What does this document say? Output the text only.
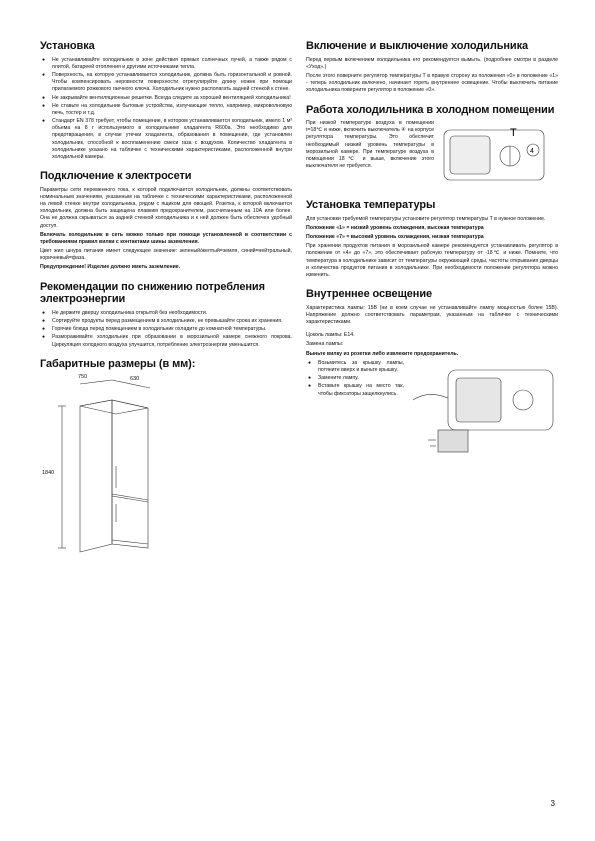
Установка
● Не устанавливайте холодильник в зоне действия прямых солнечных лучей, а также рядом с плитой, батареей отопления и другими источниками тепла.
● Поверхность, на которую устанавливается холодильник, должна быть горизонтальной и ровной. Чтобы компенсировать неровности поверхности отрегулируйте длину ножек при помощи прилагаемого рожкового гаечного ключа. Холодильник нужно располагать задней стенкой к стене.
● Не закрывайте вентиляционные решетки. Всегда следите за хорошей вентиляцией холодильника!
● Не ставьте на холодильник бытовые устройства, излучающие тепло, например, микроволновую печь, тостер и т.д.
● Стандарт EN 378 требует, чтобы помещение, в котором устанавливается холодильник, имело 1 м³ объема на 8 г используемого в холодильнике хладагента R600a. Это необходимо для предотвращения, в случае утечки хладагента, образования в помещении, где установлен холодильник, способной к воспламенению смеси газа с воздухом. Количество хладагента в холодильнике указано на табличке с техническими характеристиками, расположенной внутри холодильной камеры.
Подключение к электросети

Параметры сети переменного тока, к которой подключается холодильник, должны соответствовать номинальным значениям, указанным на табличке с техническими характеристиками, расположенной на левой стенке внутри холодильника, рядом с ящиком для овощей. Розетка, к которой включается холодильник, должна быть защищена плавким предохранителем, рассчитанным на 10А или более. Она не должна скрываться за задней стенкой холодильника и к ней должен быть обеспечен удобный доступ.

Включать холодильник в сеть можно только при помощи установленной в соответствии с требованиями правил вилки с контактами шины заземления.

Цвет жил шнура питания имеет следующее значение: зеленый/желтый=земля, синий=нейтральный, коричневый=фаза.

Предупреждение! Изделие должно иметь заземление.

Рекомендации по снижению потребления электроэнергии
● Не держите дверцу холодильника открытой без необходимости.
● Сортируйте продукты перед размещением в холодильнике, не превышайте срока их хранения.
● Горячие блюда перед помещением в холодильник охладите до комнатной температуры.
● Размораживайте холодильник при образовании в морозильной камере снежного покрова. Циркуляция холодного воздуха улучшится, потребление электроэнергии уменьшится.
Габаритные размеры (в мм):
750	630
1840
Включение и выключение холодильника

Перед первым включением холодильника его рекомендуется вымыть. (подробнее смотри в разделе «Уход».)

После этого поверните регулятор температуры Т в правую сторону из положения «0» в положение «1» - теперь холодильник включено, начинает гореть внутреннее освещение. Чтобы выключить питание холодильника поверните регулятор в положение «0».

Работа холодильника в холодном помещении
T
4

При низкой температуре воздуха в помещении t=18℃ и ниже, включить выключатель ④ на корпусе регулятора температуры. Это обеспечит необходимый низкий уровень температуры в морозильной камере. При температуре воздуха в помещении 18℃ и выше, включение этого выключателя не требуется.

Установка температуры

Для установки требуемой температуры установите регулятор температуры Т в нужное положение.

Положение «1» = низкий уровень охлаждения, высокая температура

Положение «7» = высокий уровень охлаждения, низкая температура

При хранении продуктов питания в морозильной камере рекомендуется устанавливать регулятор в положение от «4» до «7», это обеспечивает рабочую температуру от -18℃ и ниже. Помните, что температура в холодильнике зависит от температуры окружающей среды, частоты открывания дверцы и количества продуктов питания в холодильнике. При необходимости положение регулятора можно изменить.

Внутреннее освещение

Характеристика лампы: 15В (ни в коем случае не устанавливайте лампу мощностью более 15В). Напряжение должно соответствовать параметрам, указанным на табличке с техническими характеристиками.

Цоколь лампы: Е14.

Замена лампы:

Выньте вилку из розетки либо извлеките предохранитель.

● Возьмитесь за крышку лампы, потяните вверх и выньте крышку.
● Замените лампу.
● Вставьте крышку на место так, чтобы фиксаторы защелкнулись.
3
